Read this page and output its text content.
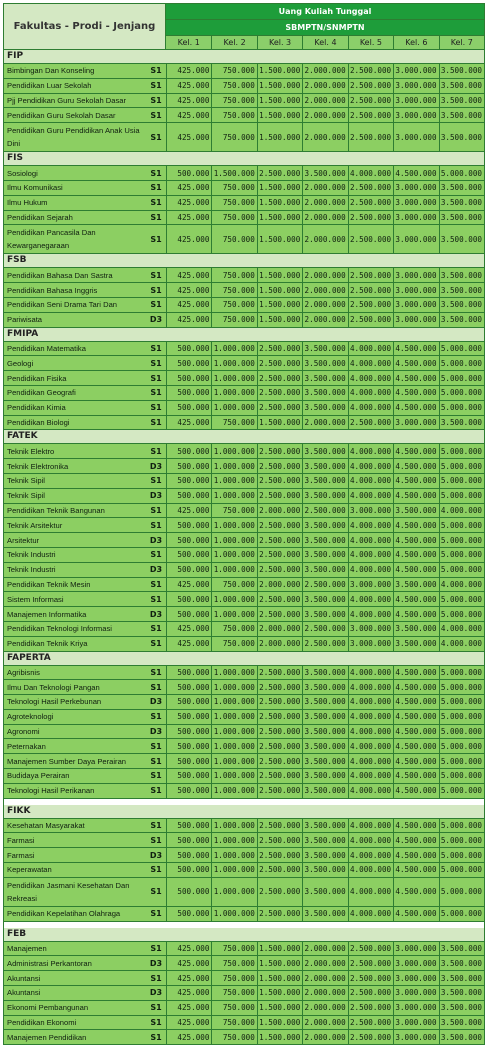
Fakultas - Prodi - Jenjang
Uang Kuliah Tunggal
SBMPTN/SNMPTN
Kel. 1	Kel. 2	Kel. 3	Kel. 4	Kel. 5	Kel. 6	Kel. 7
FIP
Bimbingan Dan Konseling	S1	425.000	750.000 1.500.000 2.000.000 2.500.000 3.000.000 3.500.000
Pendidikan Luar Sekolah	S1	425.000	750.000 1.500.000 2.000.000 2.500.000 3.000.000 3.500.000
Pjj Pendidikan Guru Sekolah Dasar	S1	425.000	750.000 1.500.000 2.000.000 2.500.000 3.000.000 3.500.000
Pendidikan Guru Sekolah Dasar	S1	425.000	750.000 1.500.000 2.000.000 2.500.000 3.000.000 3.500.000
Pendidikan Guru Pendidikan Anak Usia Dini
S1	425.000	750.000 1.500.000 2.000.000 2.500.000 3.000.000 3.500.000
FIS
Sosiologi	S1	500.000 1.500.000 2.500.000 3.500.000 4.000.000 4.500.000 5.000.000
Ilmu Komunikasi	S1	425.000	750.000 1.500.000 2.000.000 2.500.000 3.000.000 3.500.000
Ilmu Hukum	S1	425.000	750.000 1.500.000 2.000.000 2.500.000 3.000.000 3.500.000
Pendidikan Sejarah	S1	425.000	750.000 1.500.000 2.000.000 2.500.000 3.000.000 3.500.000
Pendidikan Pancasila Dan Kewarganegaraan
S1	425.000	750.000 1.500.000 2.000.000 2.500.000 3.000.000 3.500.000
FSB
Pendidikan Bahasa Dan Sastra	S1	425.000	750.000 1.500.000 2.000.000 2.500.000 3.000.000 3.500.000
Pendidikan Bahasa Inggris	S1	425.000	750.000 1.500.000 2.000.000 2.500.000 3.000.000 3.500.000
Pendidikan Seni Drama Tari Dan	S1	425.000	750.000 1.500.000 2.000.000 2.500.000 3.000.000 3.500.000
Pariwisata	D3	425.000	750.000 1.500.000 2.000.000 2.500.000 3.000.000 3.500.000
FMIPA
Pendidikan Matematika	S1	500.000 1.000.000 2.500.000 3.500.000 4.000.000 4.500.000 5.000.000
Geologi	S1	500.000 1.000.000 2.500.000 3.500.000 4.000.000 4.500.000 5.000.000
Pendidikan Fisika	S1	500.000 1.000.000 2.500.000 3.500.000 4.000.000 4.500.000 5.000.000
Pendidikan Geografi	S1	500.000 1.000.000 2.500.000 3.500.000 4.000.000 4.500.000 5.000.000
Pendidikan Kimia	S1	500.000 1.000.000 2.500.000 3.500.000 4.000.000 4.500.000 5.000.000
Pendidikan Biologi	S1	425.000	750.000 1.500.000 2.000.000 2.500.000 3.000.000 3.500.000
FATEK
Teknik Elektro	S1	500.000 1.000.000 2.500.000 3.500.000 4.000.000 4.500.000 5.000.000
Teknik Elektronika	D3	500.000 1.000.000 2.500.000 3.500.000 4.000.000 4.500.000 5.000.000
Teknik Sipil	S1	500.000 1.000.000 2.500.000 3.500.000 4.000.000 4.500.000 5.000.000
Teknik Sipil	D3	500.000 1.000.000 2.500.000 3.500.000 4.000.000 4.500.000 5.000.000
Pendidikan Teknik Bangunan	S1	425.000	750.000 2.000.000 2.500.000 3.000.000 3.500.000 4.000.000
Teknik Arsitektur	S1	500.000 1.000.000 2.500.000 3.500.000 4.000.000 4.500.000 5.000.000
Arsitektur	D3	500.000 1.000.000 2.500.000 3.500.000 4.000.000 4.500.000 5.000.000
Teknik Industri	S1	500.000 1.000.000 2.500.000 3.500.000 4.000.000 4.500.000 5.000.000
Teknik Industri	D3	500.000 1.000.000 2.500.000 3.500.000 4.000.000 4.500.000 5.000.000
Pendidikan Teknik Mesin	S1	425.000	750.000 2.000.000 2.500.000 3.000.000 3.500.000 4.000.000
Sistem Informasi	S1	500.000 1.000.000 2.500.000 3.500.000 4.000.000 4.500.000 5.000.000
Manajemen Informatika	D3	500.000 1.000.000 2.500.000 3.500.000 4.000.000 4.500.000 5.000.000
Pendidikan Teknologi Informasi	S1	425.000	750.000 2.000.000 2.500.000 3.000.000 3.500.000 4.000.000
Pendidikan Teknik Kriya	S1	425.000	750.000 2.000.000 2.500.000 3.000.000 3.500.000 4.000.000
FAPERTA
Agribisnis	S1	500.000 1.000.000 2.500.000 3.500.000 4.000.000 4.500.000 5.000.000
Ilmu Dan Teknologi Pangan	S1	500.000 1.000.000 2.500.000 3.500.000 4.000.000 4.500.000 5.000.000
Teknologi Hasil Perkebunan	D3	500.000 1.000.000 2.500.000 3.500.000 4.000.000 4.500.000 5.000.000
Agroteknologi	S1	500.000 1.000.000 2.500.000 3.500.000 4.000.000 4.500.000 5.000.000
Agronomi	D3	500.000 1.000.000 2.500.000 3.500.000 4.000.000 4.500.000 5.000.000
Peternakan	S1	500.000 1.000.000 2.500.000 3.500.000 4.000.000 4.500.000 5.000.000
Manajemen Sumber Daya Perairan	S1	500.000 1.000.000 2.500.000 3.500.000 4.000.000 4.500.000 5.000.000
Budidaya Perairan	S1	500.000 1.000.000 2.500.000 3.500.000 4.000.000 4.500.000 5.000.000
Teknologi Hasil Perikanan	S1	500.000 1.000.000 2.500.000 3.500.000 4.000.000 4.500.000 5.000.000
FIKK
Kesehatan Masyarakat	S1	500.000 1.000.000 2.500.000 3.500.000 4.000.000 4.500.000 5.000.000
Farmasi	S1	500.000 1.000.000 2.500.000 3.500.000 4.000.000 4.500.000 5.000.000
Farmasi	D3	500.000 1.000.000 2.500.000 3.500.000 4.000.000 4.500.000 5.000.000
Keperawatan	S1	500.000 1.000.000 2.500.000 3.500.000 4.000.000 4.500.000 5.000.000
Pendidikan Jasmani Kesehatan Dan Rekreasi
S1	500.000 1.000.000 2.500.000 3.500.000 4.000.000 4.500.000 5.000.000
Pendidikan Kepelatihan Olahraga	S1	500.000 1.000.000 2.500.000 3.500.000 4.000.000 4.500.000 5.000.000
FEB
Manajemen	S1	425.000	750.000 1.500.000 2.000.000 2.500.000 3.000.000 3.500.000
Administrasi Perkantoran	D3	425.000	750.000 1.500.000 2.000.000 2.500.000 3.000.000 3.500.000
Akuntansi	S1	425.000	750.000 1.500.000 2.000.000 2.500.000 3.000.000 3.500.000
Akuntansi	D3	425.000	750.000 1.500.000 2.000.000 2.500.000 3.000.000 3.500.000
Ekonomi Pembangunan	S1	425.000	750.000 1.500.000 2.000.000 2.500.000 3.000.000 3.500.000
Pendidikan Ekonomi	S1	425.000	750.000 1.500.000 2.000.000 2.500.000 3.000.000 3.500.000
Manajemen Pendidikan	S1	425.000	750.000 1.500.000 2.000.000 2.500.000 3.000.000 3.500.000
